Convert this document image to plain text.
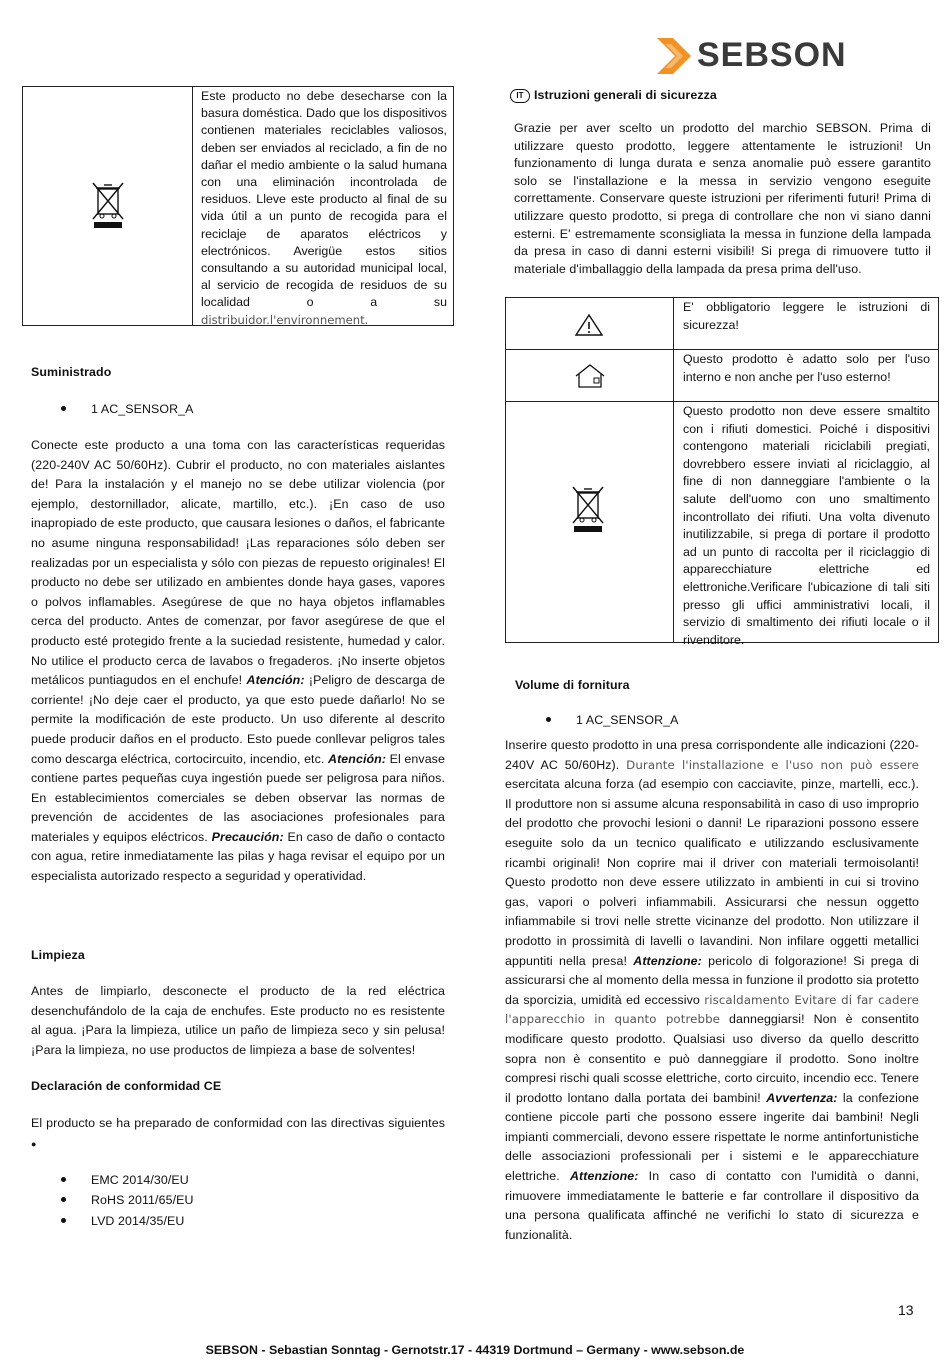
SEBSON
Este producto no debe desecharse con la basura doméstica. Dado que los dispositivos contienen materiales reciclables valiosos, deben ser enviados al reciclado, a fin de no dañar el medio ambiente o la salud humana con una eliminación incontrolada de residuos. Lleve este producto al final de su vida útil a un punto de recogida para el reciclaje de aparatos eléctricos y electrónicos. Averigüe estos sitios consultando a su autoridad municipal local, al servicio de recogida de residuos de su localidad o a su distribuidor.l'environnement.
Suministrado
1 AC_SENSOR_A
Conecte este producto a una toma con las características requeridas (220-240V AC 50/60Hz). Cubrir el producto, no con materiales aislantes de! Para la instalación y el manejo no se debe utilizar violencia (por ejemplo, destornillador, alicate, martillo, etc.). ¡En caso de uso inapropiado de este producto, que causara lesiones o daños, el fabricante no asume ninguna responsabilidad! ¡Las reparaciones sólo deben ser realizadas por un especialista y sólo con piezas de repuesto originales! El producto no debe ser utilizado en ambientes donde haya gases, vapores o polvos inflamables. Asegúrese de que no haya objetos inflamables cerca del producto. Antes de comenzar, por favor asegúrese de que el producto esté protegido frente a la suciedad resistente, humedad y calor. No utilice el producto cerca de lavabos o fregaderos. ¡No inserte objetos metálicos puntiagudos en el enchufe! Atención: ¡Peligro de descarga de corriente! ¡No deje caer el producto, ya que esto puede dañarlo! No se permite la modificación de este producto. Un uso diferente al descrito puede producir daños en el producto. Esto puede conllevar peligros tales como descarga eléctrica, cortocircuito, incendio, etc. Atención: El envase contiene partes pequeñas cuya ingestión puede ser peligrosa para niños. En establecimientos comerciales se deben observar las normas de prevención de accidentes de las asociaciones profesionales para materiales y equipos eléctricos. Precaución: En caso de daño o contacto con agua, retire inmediatamente las pilas y haga revisar el equipo por un especialista autorizado respecto a seguridad y operatividad.
Limpieza
Antes de limpiarlo, desconecte el producto de la red eléctrica desenchufándolo de la caja de enchufes. Este producto no es resistente al agua. ¡Para la limpieza, utilice un paño de limpieza seco y sin pelusa! ¡Para la limpieza, no use productos de limpieza a base de solventes!
Declaración de conformidad CE
El producto se ha preparado de conformidad con las directivas siguientes ●
EMC 2014/30/EU
RoHS 2011/65/EU
LVD 2014/35/EU
IT Istruzioni generali di sicurezza
Grazie per aver scelto un prodotto del marchio SEBSON. Prima di utilizzare questo prodotto, leggere attentamente le istruzioni! Un funzionamento di lunga durata e senza anomalie può essere garantito solo se l'installazione e la messa in servizio vengono eseguite correttamente. Conservare queste istruzioni per riferimenti futuri! Prima di utilizzare questo prodotto, si prega di controllare che non vi siano danni esterni. E' estremamente sconsigliata la messa in funzione della lampada da presa in caso di danni esterni visibili! Si prega di rimuovere tutto il materiale d'imballaggio della lampada da presa prima dell'uso.
E' obbligatorio leggere le istruzioni di sicurezza!
Questo prodotto è adatto solo per l'uso interno e non anche per l'uso esterno!
Questo prodotto non deve essere smaltito con i rifiuti domestici. Poiché i dispositivi contengono materiali riciclabili pregiati, dovrebbero essere inviati al riciclaggio, al fine di non danneggiare l'ambiente o la salute dell'uomo con uno smaltimento incontrollato dei rifiuti. Una volta divenuto inutilizzabile, si prega di portare il prodotto ad un punto di raccolta per il riciclaggio di apparecchiature elettriche ed elettroniche.Verificare l'ubicazione di tali siti presso gli uffici amministrativi locali, il servizio di smaltimento dei rifiuti locale o il rivenditore.
Volume di fornitura
1 AC_SENSOR_A
Inserire questo prodotto in una presa corrispondente alle indicazioni (220-240V AC 50/60Hz). Durante l'installazione e l'uso non può essere esercitata alcuna forza (ad esempio con cacciavite, pinze, martelli, ecc.). Il produttore non si assume alcuna responsabilità in caso di uso improprio del prodotto che provochi lesioni o danni! Le riparazioni possono essere eseguite solo da un tecnico qualificato e utilizzando esclusivamente ricambi originali! Non coprire mai il driver con materiali termoisolanti! Questo prodotto non deve essere utilizzato in ambienti in cui si trovino gas, vapori o polveri infiammabili. Assicurarsi che nessun oggetto infiammabile si trovi nelle strette vicinanze del prodotto. Non utilizzare il prodotto in prossimità di lavelli o lavandini. Non infilare oggetti metallici appuntiti nella presa! Attenzione: pericolo di folgorazione! Si prega di assicurarsi che al momento della messa in funzione il prodotto sia protetto da sporcizia, umidità ed eccessivo riscaldamento Evitare di far cadere l'apparecchio in quanto potrebbe danneggiarsi! Non è consentito modificare questo prodotto. Qualsiasi uso diverso da quello descritto sopra non è consentito e può danneggiare il prodotto. Sono inoltre compresi rischi quali scosse elettriche, corto circuito, incendio ecc. Tenere il prodotto lontano dalla portata dei bambini! Avvertenza: la confezione contiene piccole parti che possono essere ingerite dai bambini! Negli impianti commerciali, devono essere rispettate le norme antinfortunistiche delle associazioni professionali per i sistemi e le apparecchiature elettriche. Attenzione: In caso di contatto con l'umidità o danni, rimuovere immediatamente le batterie e far controllare il dispositivo da una persona qualificata affinché ne verifichi lo stato di sicurezza e funzionalità.
13
SEBSON - Sebastian Sonntag - Gernotstr.17 - 44319 Dortmund – Germany - www.sebson.de
